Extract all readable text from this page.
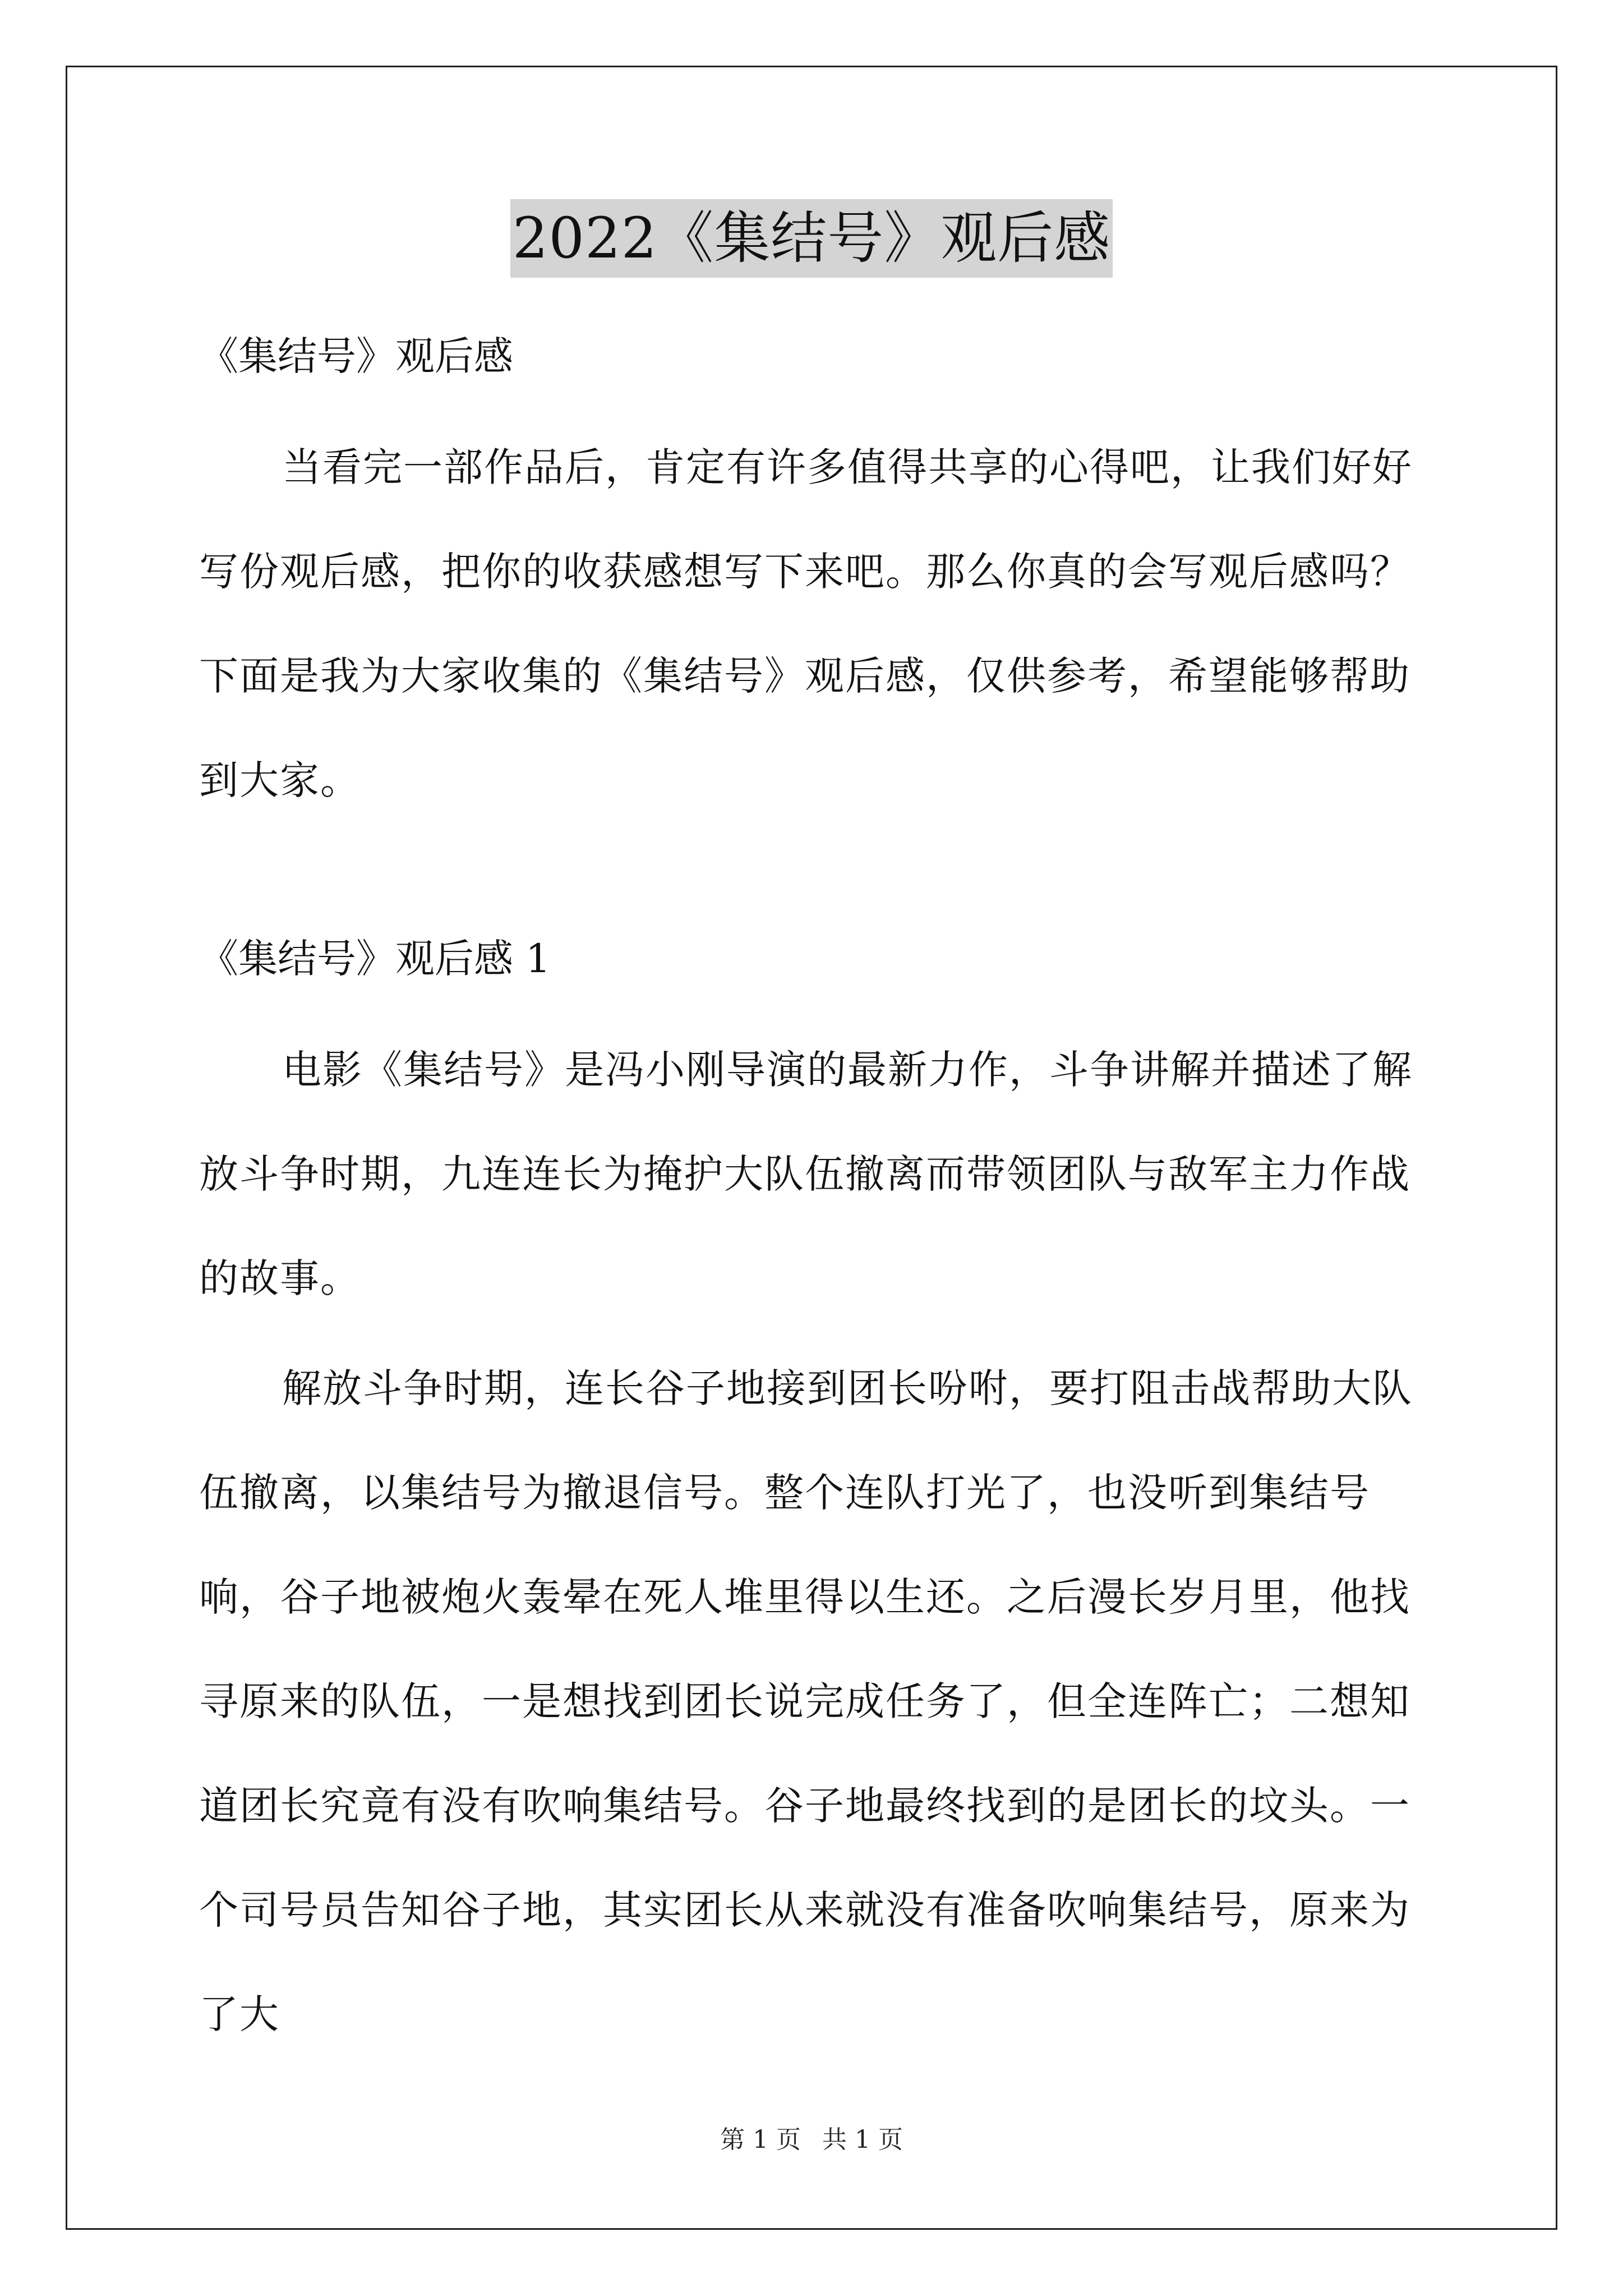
2022《集结号》观后感

《集结号》观后感

当看完一部作品后，肯定有许多值得共享的心得吧，让我们好好写份观后感，把你的收获感想写下来吧。那么你真的会写观后感吗？下面是我为大家收集的《集结号》观后感，仅供参考，希望能够帮助到大家。

《集结号》观后感 1

电影《集结号》是冯小刚导演的最新力作，斗争讲解并描述了解放斗争时期，九连连长为掩护大队伍撤离而带领团队与敌军主力作战的故事。

解放斗争时期，连长谷子地接到团长吩咐，要打阻击战帮助大队伍撤离，以集结号为撤退信号。整个连队打光了，也没听到集结号响，谷子地被炮火轰晕在死人堆里得以生还。之后漫长岁月里，他找寻原来的队伍，一是想找到团长说完成任务了，但全连阵亡；二想知道团长究竟有没有吹响集结号。谷子地最终找到的是团长的坟头。一个司号员告知谷子地，其实团长从来就没有准备吹响集结号，原来为了大

第 1 页 共 1 页
